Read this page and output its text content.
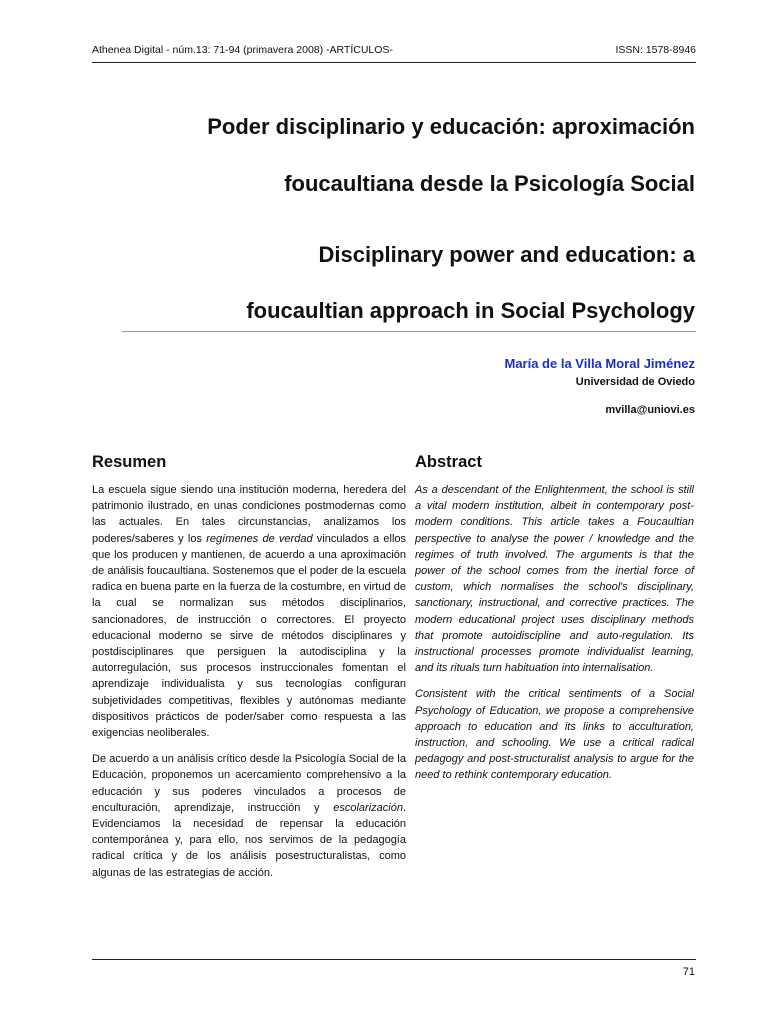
Athenea Digital - núm.13: 71-94 (primavera 2008) -ARTÍCULOS-	ISSN: 1578-8946
Poder disciplinario y educación: aproximación
foucaultiana desde la Psicología Social
Disciplinary power and education: a
foucaultian approach in Social Psychology
María de la Villa Moral Jiménez
Universidad de Oviedo
mvilla@uniovi.es
Resumen

La escuela sigue siendo una institución moderna, heredera del patrimonio ilustrado, en unas condiciones postmodernas como las actuales. En tales circunstancias, analizamos los poderes/saberes y los regímenes de verdad vinculados a ellos que los producen y mantienen, de acuerdo a una aproximación de análisis foucaultiana. Sostenemos que el poder de la escuela radica en buena parte en la fuerza de la costumbre, en virtud de la cual se normalizan sus métodos disciplinarios, sancionadores, de instrucción o correctores. El proyecto educacional moderno se sirve de métodos disciplinares y postdisciplinares que persiguen la autodisciplina y la autorregulación, sus procesos instruccionales fomentan el aprendizaje individualista y sus tecnologías configuran subjetividades competitivas, flexibles y autónomas mediante dispositivos prácticos de poder/saber como respuesta a las exigencias neoliberales.

De acuerdo a un análisis crítico desde la Psicología Social de la Educación, proponemos un acercamiento comprehensivo a la educación y sus poderes vinculados a procesos de enculturación, aprendizaje, instrucción y escolarización. Evidenciamos la necesidad de repensar la educación contemporánea y, para ello, nos servimos de la pedagogía radical crítica y de los análisis posestructuralistas, como algunas de las estrategias de acción.

Abstract

As a descendant of the Enlightenment, the school is still a vital modern institution, albeit in contemporary post-modern conditions. This article takes a Foucaultian perspective to analyse the power / knowledge and the regimes of truth involved. The arguments is that the power of the school comes from the inertial force of custom, which normalises the school's disciplinary, sanctionary, instructional, and corrective practices. The modern educational project uses disciplinary methods that promote autoidiscipline and auto-regulation. Its instructional processes promote individualist learning, and its rituals turn habituation into internalisation.

Consistent with the critical sentiments of a Social Psychology of Education, we propose a comprehensive approach to education and its links to acculturation, instruction, and schooling. We use a critical radical pedagogy and post-structuralist analysis to argue for the need to rethink contemporary education.

71
